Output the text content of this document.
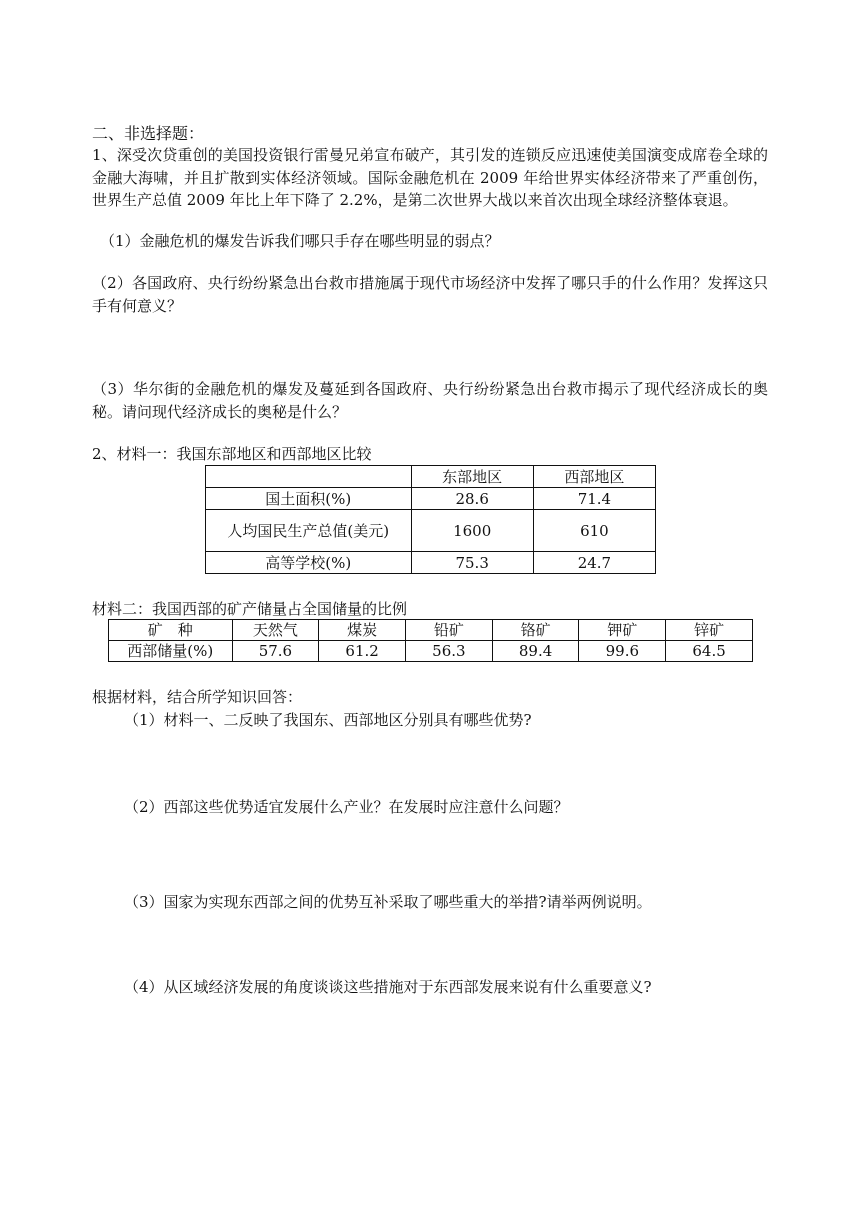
二、非选择题：
1、深受次贷重创的美国投资银行雷曼兄弟宣布破产，其引发的连锁反应迅速使美国演变成席卷全球的金融大海啸，并且扩散到实体经济领域。国际金融危机在 2009 年给世界实体经济带来了严重创伤，世界生产总值 2009 年比上年下降了 2.2%，是第二次世界大战以来首次出现全球经济整体衰退。
（1）金融危机的爆发告诉我们哪只手存在哪些明显的弱点？
（2）各国政府、央行纷纷紧急出台救市措施属于现代市场经济中发挥了哪只手的什么作用？发挥这只手有何意义？
（3）华尔街的金融危机的爆发及蔓延到各国政府、央行纷纷紧急出台救市揭示了现代经济成长的奥秘。请问现代经济成长的奥秘是什么？
2、材料一：我国东部地区和西部地区比较
	东部地区	西部地区
国土面积(%)	28.6	71.4
人均国民生产总值(美元)	1600	610
高等学校(%)	75.3	24.7
材料二：我国西部的矿产储量占全国储量的比例
矿　种	天然气	煤炭	铅矿	铬矿	钾矿	锌矿
西部储量(%)	57.6	61.2	56.3	89.4	99.6	64.5
根据材料，结合所学知识回答：
（1）材料一、二反映了我国东、西部地区分别具有哪些优势?
（2）西部这些优势适宜发展什么产业？在发展时应注意什么问题？
（3）国家为实现东西部之间的优势互补采取了哪些重大的举措?请举两例说明。
（4）从区域经济发展的角度谈谈这些措施对于东西部发展来说有什么重要意义?
